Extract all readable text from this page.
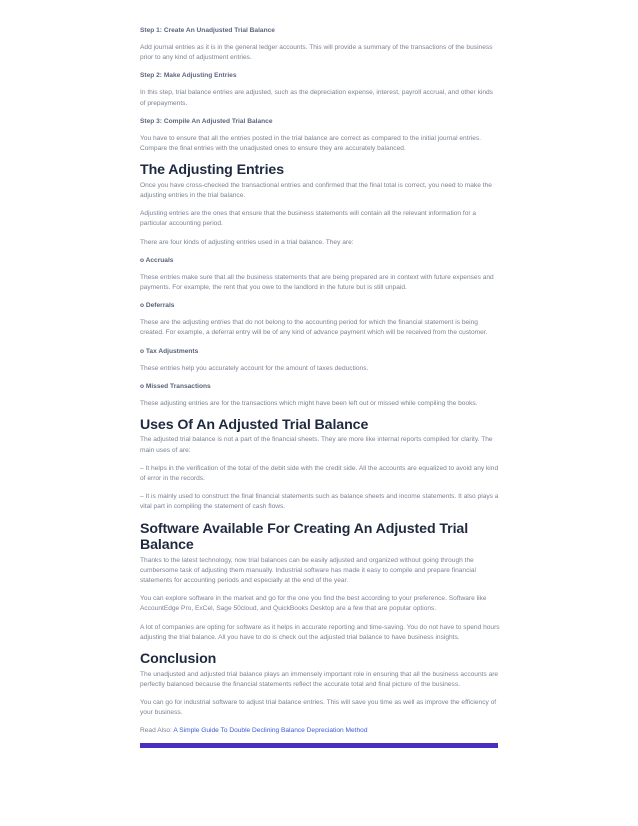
Step 1: Create An Unadjusted Trial Balance

Add journal entries as it is in the general ledger accounts. This will provide a summary of the transactions of the business prior to any kind of adjustment entries.

Step 2: Make Adjusting Entries

In this step, trial balance entries are adjusted, such as the depreciation expense, interest, payroll accrual, and other kinds of prepayments.

Step 3: Compile An Adjusted Trial Balance

You have to ensure that all the entries posted in the trial balance are correct as compared to the initial journal entries. Compare the final entries with the unadjusted ones to ensure they are accurately balanced.

The Adjusting Entries

Once you have cross-checked the transactional entries and confirmed that the final total is correct, you need to make the adjusting entries in the trial balance.

Adjusting entries are the ones that ensure that the business statements will contain all the relevant information for a particular accounting period.

There are four kinds of adjusting entries used in a trial balance. They are:

o Accruals

These entries make sure that all the business statements that are being prepared are in context with future expenses and payments. For example, the rent that you owe to the landlord in the future but is still unpaid.

o Deferrals

These are the adjusting entries that do not belong to the accounting period for which the financial statement is being created. For example, a deferral entry will be of any kind of advance payment which will be received from the customer.

o Tax Adjustments

These entries help you accurately account for the amount of taxes deductions.

o Missed Transactions

These adjusting entries are for the transactions which might have been left out or missed while compiling the books.

Uses Of An Adjusted Trial Balance

The adjusted trial balance is not a part of the financial sheets. They are more like internal reports compiled for clarity. The main uses of are:

– It helps in the verification of the total of the debit side with the credit side. All the accounts are equalized to avoid any kind of error in the records.

– It is mainly used to construct the final financial statements such as balance sheets and income statements. It also plays a vital part in compiling the statement of cash flows.

Software Available For Creating An Adjusted Trial Balance

Thanks to the latest technology, now trial balances can be easily adjusted and organized without going through the cumbersome task of adjusting them manually. Industrial software has made it easy to compile and prepare financial statements for accounting periods and especially at the end of the year.

You can explore software in the market and go for the one you find the best according to your preference. Software like AccountEdge Pro, ExCel, Sage 50cloud, and QuickBooks Desktop are a few that are popular options.

A lot of companies are opting for software as it helps in accurate reporting and time-saving. You do not have to spend hours adjusting the trial balance. All you have to do is check out the adjusted trial balance to have business insights.

Conclusion

The unadjusted and adjusted trial balance plays an immensely important role in ensuring that all the business accounts are perfectly balanced because the financial statements reflect the accurate total and final picture of the business.

You can go for industrial software to adjust trial balance entries. This will save you time as well as improve the efficiency of your business.

Read Also: A Simple Guide To Double Declining Balance Depreciation Method
